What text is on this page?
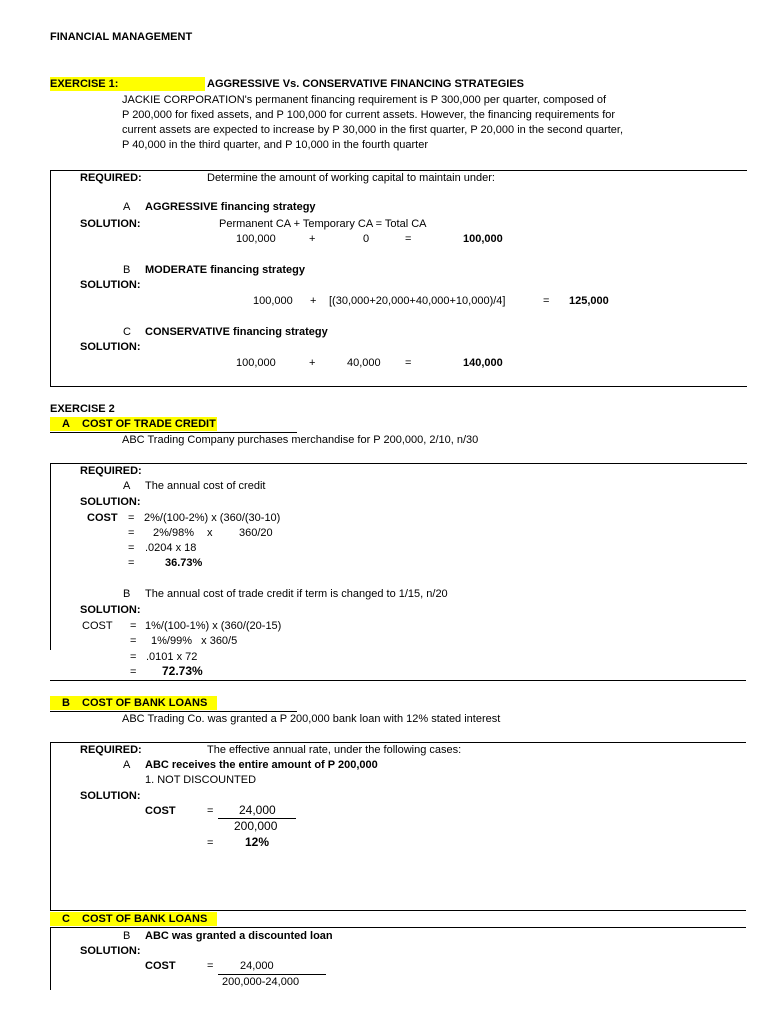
FINANCIAL MANAGEMENT
EXERCISE 1:	AGGRESSIVE Vs. CONSERVATIVE FINANCING STRATEGIES
JACKIE CORPORATION's permanent financing requirement is P 300,000 per quarter, composed of
P 200,000 for fixed assets, and P 100,000 for current assets. However, the financing requirements for
current assets are expected to increase by P 30,000 in the first quarter, P 20,000 in the second quarter,
P 40,000 in the third quarter, and P 10,000 in the fourth quarter
REQUIRED:	Determine the amount of working capital to maintain under:
A AGGRESSIVE financing strategy
SOLUTION:	Permanent CA + Temporary CA = Total CA
100,000	+	0	=	100,000
B MODERATE financing strategy
SOLUTION:
100,000 + [(30,000+20,000+40,000+10,000)/4]	= 125,000
C CONSERVATIVE financing strategy
SOLUTION:
100,000	+	40,000 =	140,000
EXERCISE 2
A COST OF TRADE CREDIT
ABC Trading Company purchases merchandise for P 200,000, 2/10, n/30
REQUIRED:
A The annual cost of credit
SOLUTION:
COST = 2%/(100-2%) x (360/(30-10)
= 2%/98% x 360/20
= .0204 x 18
=	36.73%
B The annual cost of trade credit if term is changed to 1/15, n/20
SOLUTION:
COST = 1%/(100-1%) x (360/(20-15)
= 1%/99%   x 360/5
= .0101 x 72
= 72.73%
B COST OF BANK LOANS
ABC Trading Co. was granted a P 200,000 bank loan with 12% stated interest
REQUIRED:	The effective annual rate, under the following cases:
A ABC receives the entire amount of P 200,000
1. NOT DISCOUNTED
SOLUTION:
COST	= 24,000
200,000
=	12%
C COST OF BANK LOANS
B ABC was granted a discounted loan
SOLUTION:
COST	= 24,000
200,000-24,000
